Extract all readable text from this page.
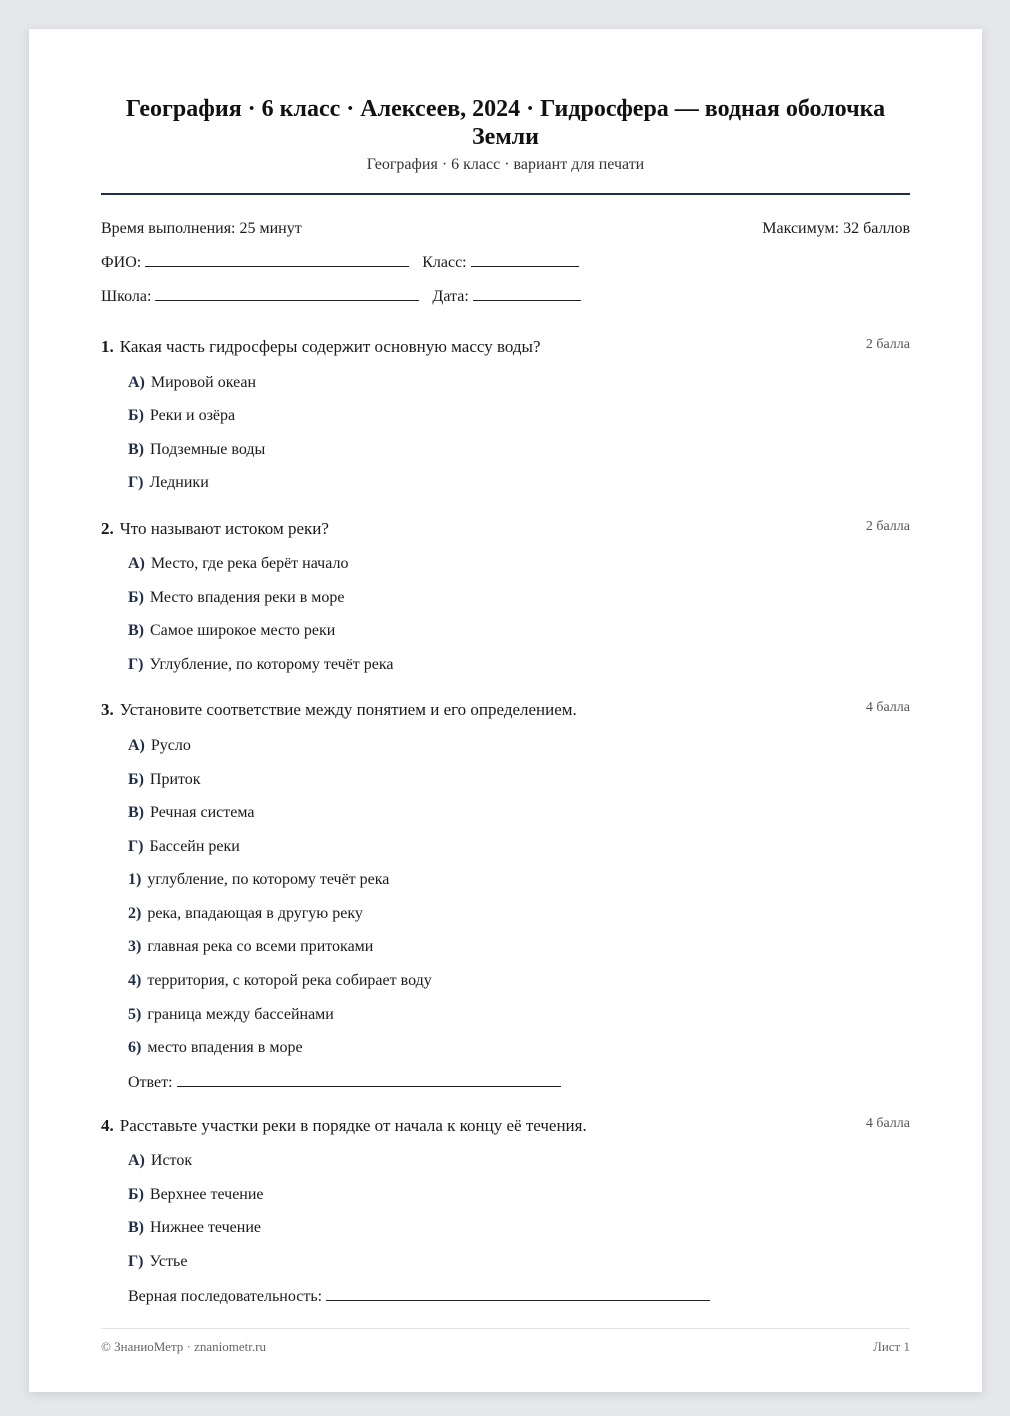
География · 6 класс · Алексеев, 2024 · Гидросфера — водная оболочка Земли
География · 6 класс · вариант для печати
Время выполнения: 25 минут	Максимум: 32 баллов
ФИО:	Класс:
Школа:	Дата:
1. Какая часть гидросферы содержит основную массу воды?	2 балла
А) Мировой океан
Б) Реки и озёра
В) Подземные воды
Г) Ледники
2. Что называют истоком реки?	2 балла
А) Место, где река берёт начало
Б) Место впадения реки в море
В) Самое широкое место реки
Г) Углубление, по которому течёт река
3. Установите соответствие между понятием и его определением.	4 балла
А) Русло
Б) Приток
В) Речная система
Г) Бассейн реки
1) углубление, по которому течёт река
2) река, впадающая в другую реку
3) главная река со всеми притоками
4) территория, с которой река собирает воду
5) граница между бассейнами
6) место впадения в море
Ответ:
4. Расставьте участки реки в порядке от начала к концу её течения.	4 балла
А) Исток
Б) Верхнее течение
В) Нижнее течение
Г) Устье
Верная последовательность:
© ЗнаниоМетр · znaniometr.ru	Лист 1
